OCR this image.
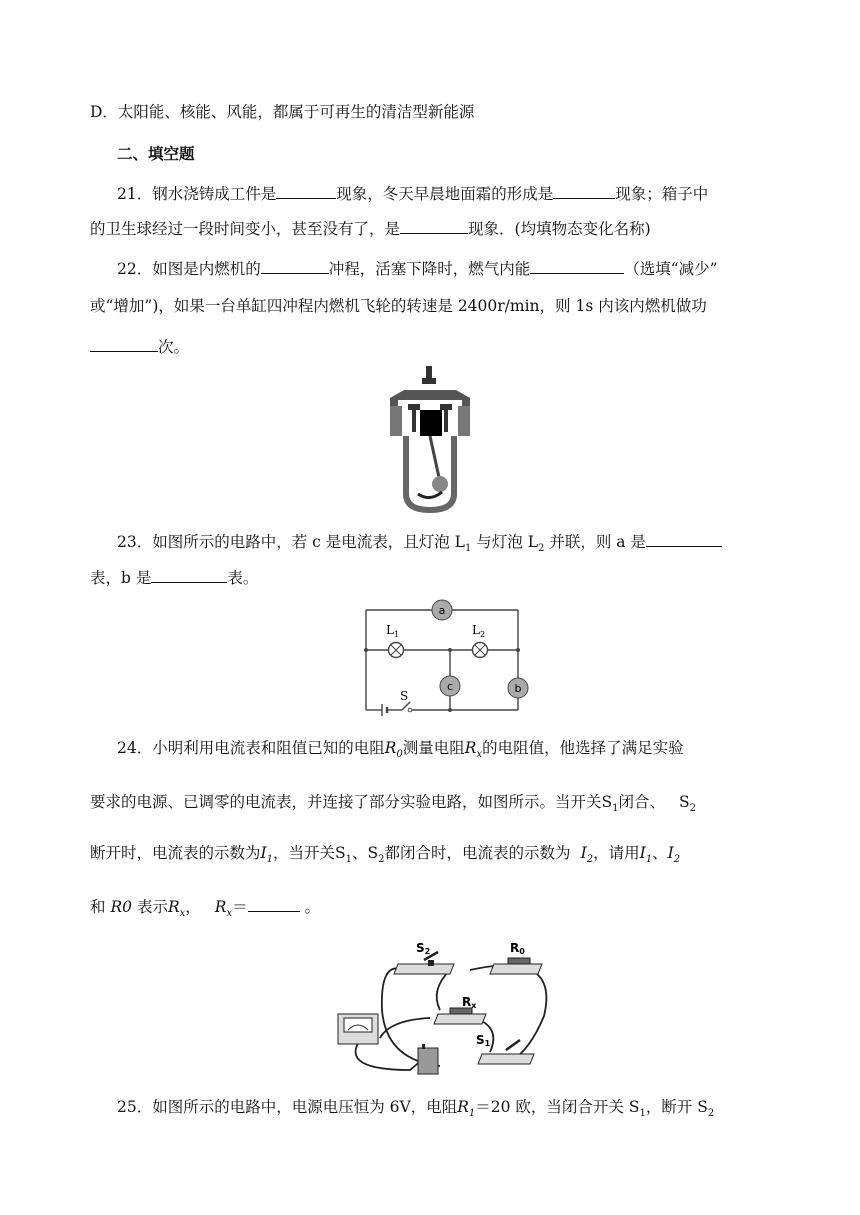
D．太阳能、核能、风能，都属于可再生的清洁型新能源
二、填空题
21．钢水浇铸成工件是	现象，冬天早晨地面霜的形成是	现象；箱子中
的卫生球经过一段时间变小，甚至没有了，是	现象．(均填物态变化名称)
22．如图是内燃机的	冲程，活塞下降时，燃气内能	（选填“减少”
或“增加”)，如果一台单缸四冲程内燃机飞轮的转速是 2400r/min，则 1s 内该内燃机做功
次。
23．如图所示的电路中，若 c 是电流表，且灯泡 $L_1$ 与灯泡 $L_2$ 并联，则 a 是
表，b 是	表。
a
c	b
$L_1$	$L_2$
S
24．小明利用电流表和阻值已知的电阻$R_0$测量电阻$R_x$的电阻值，他选择了满足实验
要求的电源、已调零的电流表，并连接了部分实验电路，如图所示。当开关$S_1$闭合、 $S_2$
断开时，电流表的示数为$I_1$，当开关$S_1$、$S_2$都闭合时，电流表的示数为 $I_2$，请用$I_1$、$I_2$
和 R0 表示$R_x$， $R_x=$	。
S2	R0
Rx
S1
25．如图所示的电路中，电源电压恒为 6V，电阻$R_1=20$ 欧，当闭合开关 $S_1$，断开 $S_2$
